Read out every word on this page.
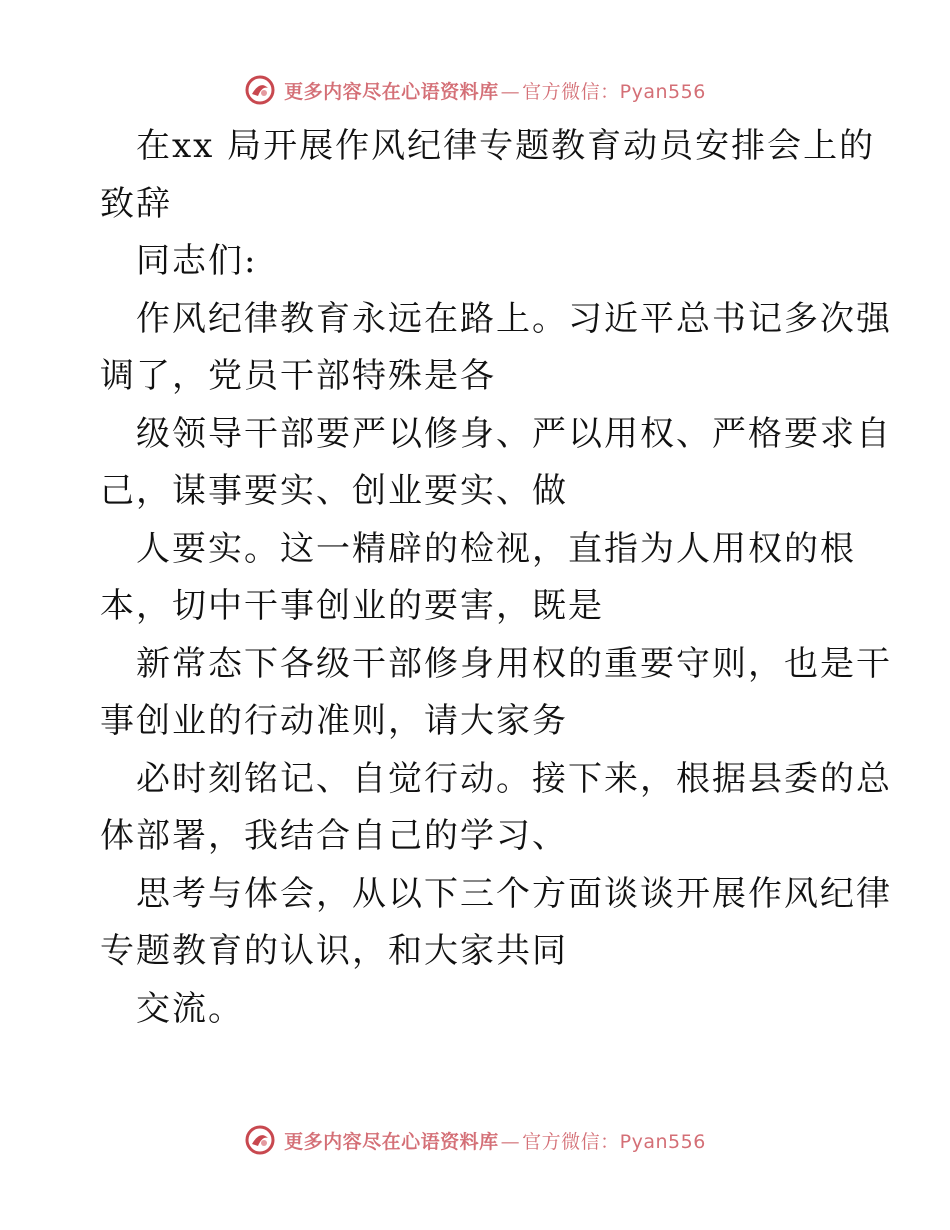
更多内容尽在心语资料库 — 官方微信：Pyan556
在xx 局开展作风纪律专题教育动员安排会上的
致辞
同志们:
作风纪律教育永远在路上。习近平总书记多次强
调了，党员干部特殊是各
级领导干部要严以修身、严以用权、严格要求自
己，谋事要实、创业要实、做
人要实。这一精辟的检视，直指为人用权的根
本，切中干事创业的要害，既是
新常态下各级干部修身用权的重要守则，也是干
事创业的行动准则，请大家务
必时刻铭记、自觉行动。接下来，根据县委的总
体部署，我结合自己的学习、
思考与体会，从以下三个方面谈谈开展作风纪律
专题教育的认识，和大家共同
交流。
更多内容尽在心语资料库 — 官方微信：Pyan556
